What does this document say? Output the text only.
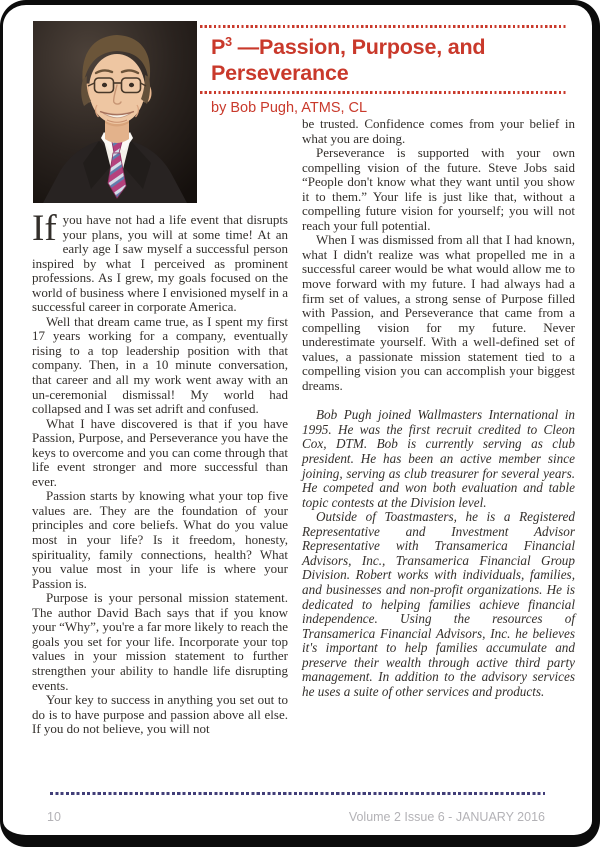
$P^3$ —Passion, Purpose, and
Perseverance
by Bob Pugh, ATMS, CL

If you have not had a life event that disrupts your plans, you will at some time! At an early age I saw myself a successful person inspired by what I perceived as prominent professions. As I grew, my goals focused on the world of business where I envisioned myself in a successful career in corporate America.

Well that dream came true, as I spent my first 17 years working for a company, eventually rising to a top leadership position with that company. Then, in a 10 minute conversation, that career and all my work went away with an un-ceremonial dismissal! My world had collapsed and I was set adrift and confused.

What I have discovered is that if you have Passion, Purpose, and Perseverance you have the keys to overcome and you can come through that life event stronger and more successful than ever.

Passion starts by knowing what your top five values are. They are the foundation of your principles and core beliefs. What do you value most in your life? Is it freedom, honesty, spirituality, family connections, health? What you value most in your life is where your Passion is.

Purpose is your personal mission statement. The author David Bach says that if you know your “Why”, you're a far more likely to reach the goals you set for your life. Incorporate your top values in your mission statement to further strengthen your ability to handle life disrupting events.

Your key to success in anything you set out to do is to have purpose and passion above all else. If you do not believe, you will not

be trusted. Confidence comes from your belief in what you are doing.

Perseverance is supported with your own compelling vision of the future. Steve Jobs said “People don't know what they want until you show it to them.” Your life is just like that, without a compelling future vision for yourself; you will not reach your full potential.

When I was dismissed from all that I had known, what I didn't realize was what propelled me in a successful career would be what would allow me to move forward with my future. I had always had a firm set of values, a strong sense of Purpose filled with Passion, and Perseverance that came from a compelling vision for my future. Never underestimate yourself. With a well-defined set of values, a passionate mission statement tied to a compelling vision you can accomplish your biggest dreams.

Bob Pugh joined Wallmasters International in 1995. He was the first recruit credited to Cleon Cox, DTM. Bob is currently serving as club president. He has been an active member since joining, serving as club treasurer for several years. He competed and won both evaluation and table topic contests at the Division level.

Outside of Toastmasters, he is a Registered Representative and Investment Advisor Representative with Transamerica Financial Advisors, Inc., Transamerica Financial Group Division. Robert works with individuals, families, and businesses and non-profit organizations. He is dedicated to helping families achieve financial independence. Using the resources of Transamerica Financial Advisors, Inc. he believes it's important to help families accumulate and preserve their wealth through active third party management. In addition to the advisory services he uses a suite of other services and products.

10	Volume 2 Issue 6 - JANUARY 2016
